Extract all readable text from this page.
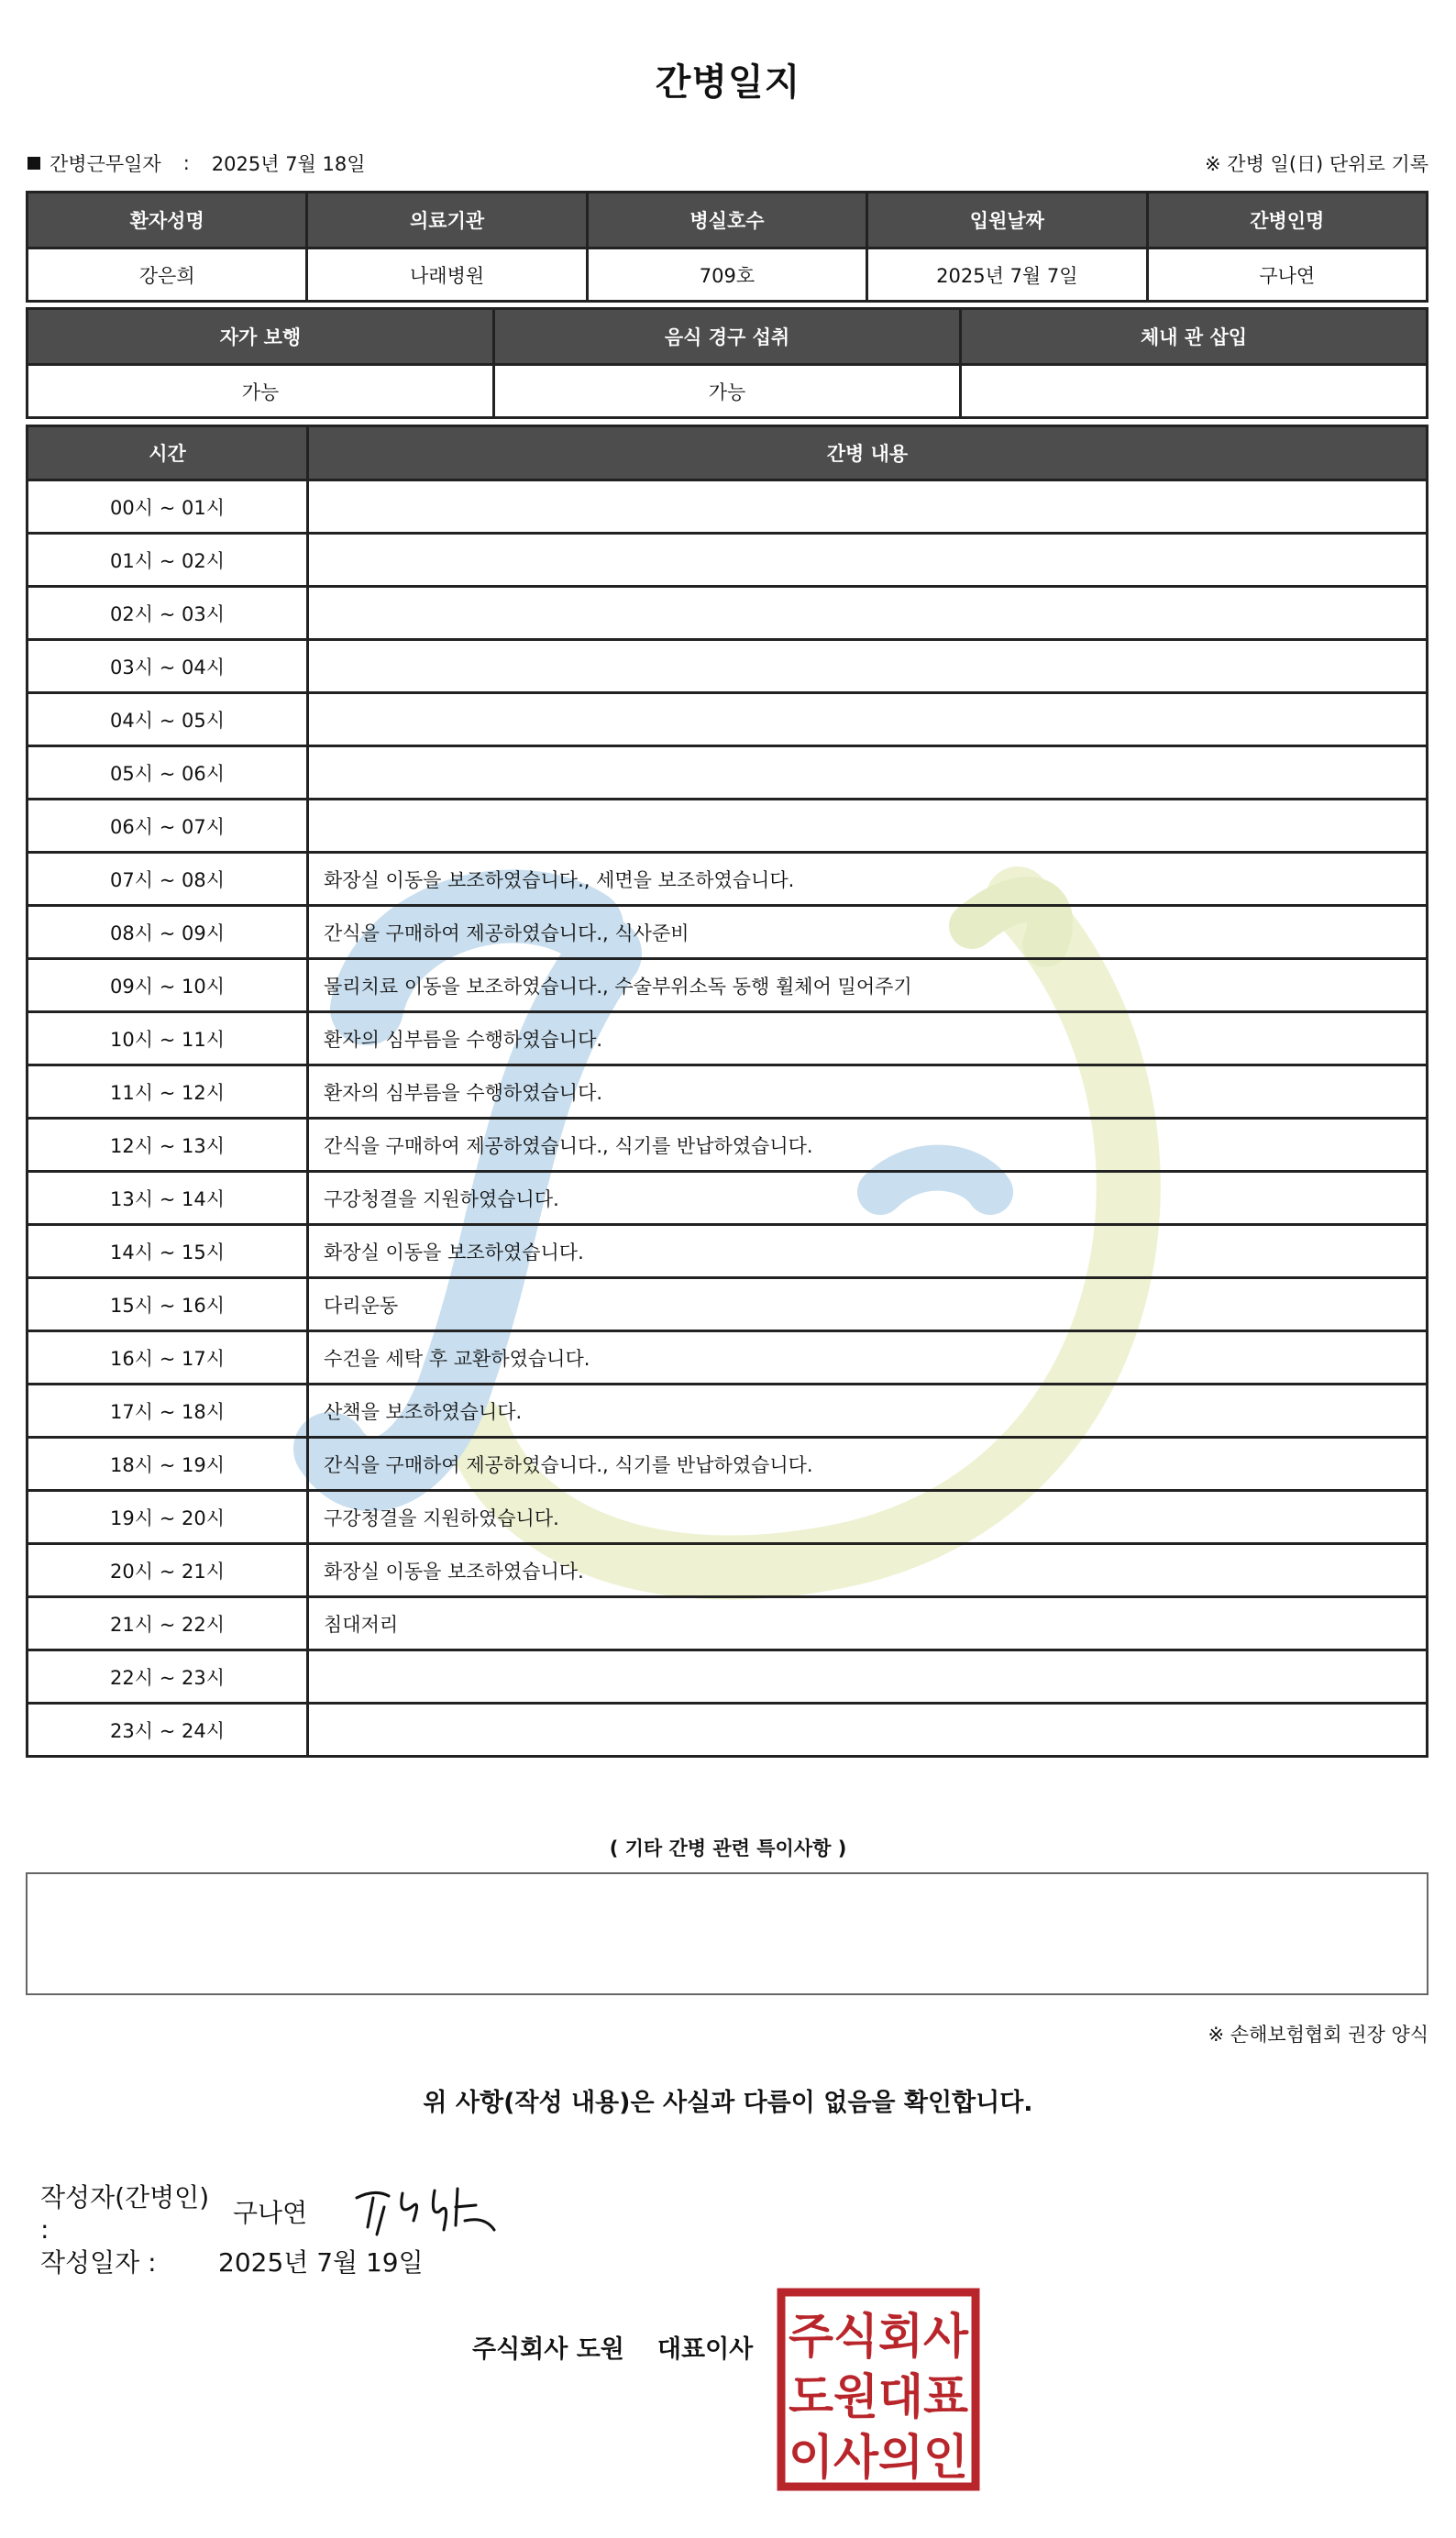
간병일지
간병근무일자 : 2025년 7월 18일	※ 간병 일(日) 단위로 기록
환자성명	의료기관	병실호수	입원날짜	간병인명
강은희	나래병원	709호	2025년 7월 7일	구나연
자가 보행	음식 경구 섭취	체내 관 삽입
가능	가능	
시간	간병 내용
00시 ~ 01시	
01시 ~ 02시	
02시 ~ 03시	
03시 ~ 04시	
04시 ~ 05시	
05시 ~ 06시	
06시 ~ 07시	
07시 ~ 08시	화장실 이동을 보조하였습니다., 세면을 보조하였습니다.
08시 ~ 09시	간식을 구매하여 제공하였습니다., 식사준비
09시 ~ 10시	물리치료 이동을 보조하였습니다., 수술부위소독 동행 휠체어 밀어주기
10시 ~ 11시	환자의 심부름을 수행하였습니다.
11시 ~ 12시	환자의 심부름을 수행하였습니다.
12시 ~ 13시	간식을 구매하여 제공하였습니다., 식기를 반납하였습니다.
13시 ~ 14시	구강청결을 지원하였습니다.
14시 ~ 15시	화장실 이동을 보조하였습니다.
15시 ~ 16시	다리운동
16시 ~ 17시	수건을 세탁 후 교환하였습니다.
17시 ~ 18시	산책을 보조하였습니다.
18시 ~ 19시	간식을 구매하여 제공하였습니다., 식기를 반납하였습니다.
19시 ~ 20시	구강청결을 지원하였습니다.
20시 ~ 21시	화장실 이동을 보조하였습니다.
21시 ~ 22시	침대저리
22시 ~ 23시	
23시 ~ 24시	
( 기타 간병 관련 특이사항 )
※ 손해보험협회 권장 양식
위 사항(작성 내용)은 사실과 다름이 없음을 확인합니다.
작성자(간병인) :
구나연
작성일자 :	2025년 7월 19일
주식회사 도원 대표이사 주식회사
도원대표
이사의인
